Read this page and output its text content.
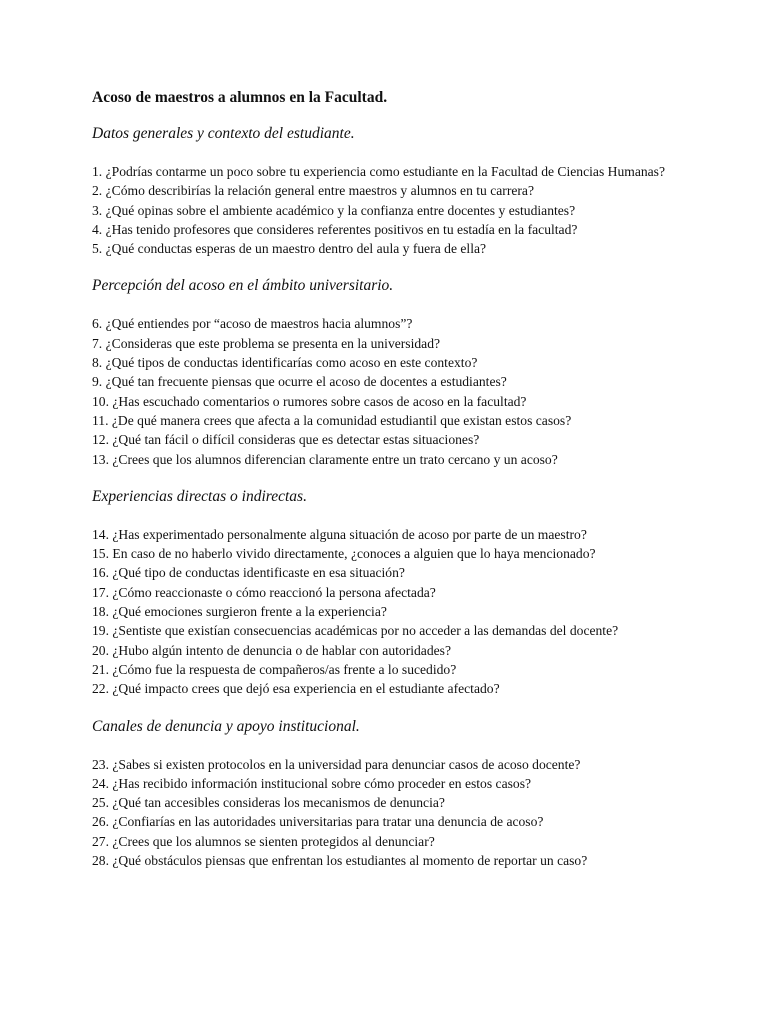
Acoso de maestros a alumnos en la Facultad.

Datos generales y contexto del estudiante.

1. ¿Podrías contarme un poco sobre tu experiencia como estudiante en la Facultad de Ciencias Humanas?
2. ¿Cómo describirías la relación general entre maestros y alumnos en tu carrera?
3. ¿Qué opinas sobre el ambiente académico y la confianza entre docentes y estudiantes?
4. ¿Has tenido profesores que consideres referentes positivos en tu estadía en la facultad?
5. ¿Qué conductas esperas de un maestro dentro del aula y fuera de ella?

Percepción del acoso en el ámbito universitario.

6. ¿Qué entiendes por “acoso de maestros hacia alumnos”?
7. ¿Consideras que este problema se presenta en la universidad?
8. ¿Qué tipos de conductas identificarías como acoso en este contexto?
9. ¿Qué tan frecuente piensas que ocurre el acoso de docentes a estudiantes?
10. ¿Has escuchado comentarios o rumores sobre casos de acoso en la facultad?
11. ¿De qué manera crees que afecta a la comunidad estudiantil que existan estos casos?
12. ¿Qué tan fácil o difícil consideras que es detectar estas situaciones?
13. ¿Crees que los alumnos diferencian claramente entre un trato cercano y un acoso?

Experiencias directas o indirectas.

14. ¿Has experimentado personalmente alguna situación de acoso por parte de un maestro?
15. En caso de no haberlo vivido directamente, ¿conoces a alguien que lo haya mencionado?
16. ¿Qué tipo de conductas identificaste en esa situación?
17. ¿Cómo reaccionaste o cómo reaccionó la persona afectada?
18. ¿Qué emociones surgieron frente a la experiencia?
19. ¿Sentiste que existían consecuencias académicas por no acceder a las demandas del docente?
20. ¿Hubo algún intento de denuncia o de hablar con autoridades?
21. ¿Cómo fue la respuesta de compañeros/as frente a lo sucedido?
22. ¿Qué impacto crees que dejó esa experiencia en el estudiante afectado?

Canales de denuncia y apoyo institucional.

23. ¿Sabes si existen protocolos en la universidad para denunciar casos de acoso docente?
24. ¿Has recibido información institucional sobre cómo proceder en estos casos?
25. ¿Qué tan accesibles consideras los mecanismos de denuncia?
26. ¿Confiarías en las autoridades universitarias para tratar una denuncia de acoso?
27. ¿Crees que los alumnos se sienten protegidos al denunciar?
28. ¿Qué obstáculos piensas que enfrentan los estudiantes al momento de reportar un caso?
